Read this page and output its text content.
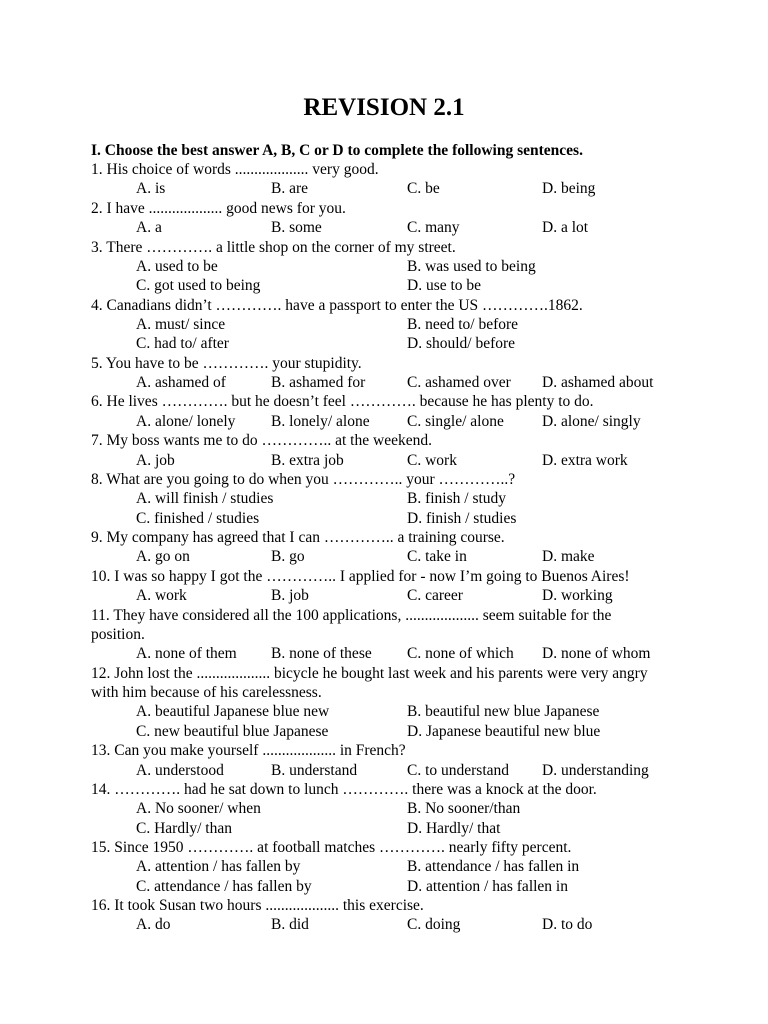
REVISION 2.1
I. Choose the best answer A, B, C or D to complete the following sentences.
1. His choice of words ................... very good.
A. is	B. are	C. be	D. being
2. I have ................... good news for you.
A. a	B. some	C. many	D. a lot
3. There …………. a little shop on the corner of my street.
A. used to be	B. was used to being
C. got used to being	D. use to be
4. Canadians didn’t …………. have a passport to enter the US ………….1862.
A. must/ since	B. need to/ before
C. had to/ after	D. should/ before
5. You have to be …………. your stupidity.
A. ashamed of	B. ashamed for	C. ashamed over D. ashamed about
6. He lives …………. but he doesn’t feel …………. because he has plenty to do.
A. alone/ lonely B. lonely/ alone C. single/ alone D. alone/ singly
7. My boss wants me to do ………….. at the weekend.
A. job	B. extra job	C. work	D. extra work
8. What are you going to do when you ………….. your …………..?
A. will finish / studies	B. finish / study
C. finished / studies	D. finish / studies
9. My company has agreed that I can ………….. a training course.
A. go on	B. go	C. take in	D. make
10. I was so happy I got the ………….. I applied for - now I’m going to Buenos Aires!
A. work	B. job	C. career	D. working
11. They have considered all the 100 applications, ................... seem suitable for the
position.
A. none of them B. none of these C. none of which D. none of whom
12. John lost the ................... bicycle he bought last week and his parents were very angry
with him because of his carelessness.
A. beautiful Japanese blue new	B. beautiful new blue Japanese
C. new beautiful blue Japanese	D. Japanese beautiful new blue
13. Can you make yourself ................... in French?
A. understood	B. understand	C. to understand D. understanding
14. …………. had he sat down to lunch …………. there was a knock at the door.
A. No sooner/ when	B. No sooner/than
C. Hardly/ than	D. Hardly/ that
15. Since 1950 …………. at football matches …………. nearly fifty percent.
A. attention / has fallen by	B. attendance / has fallen in
C. attendance / has fallen by	D. attention / has fallen in
16. It took Susan two hours ................... this exercise.
A. do	B. did	C. doing	D. to do
